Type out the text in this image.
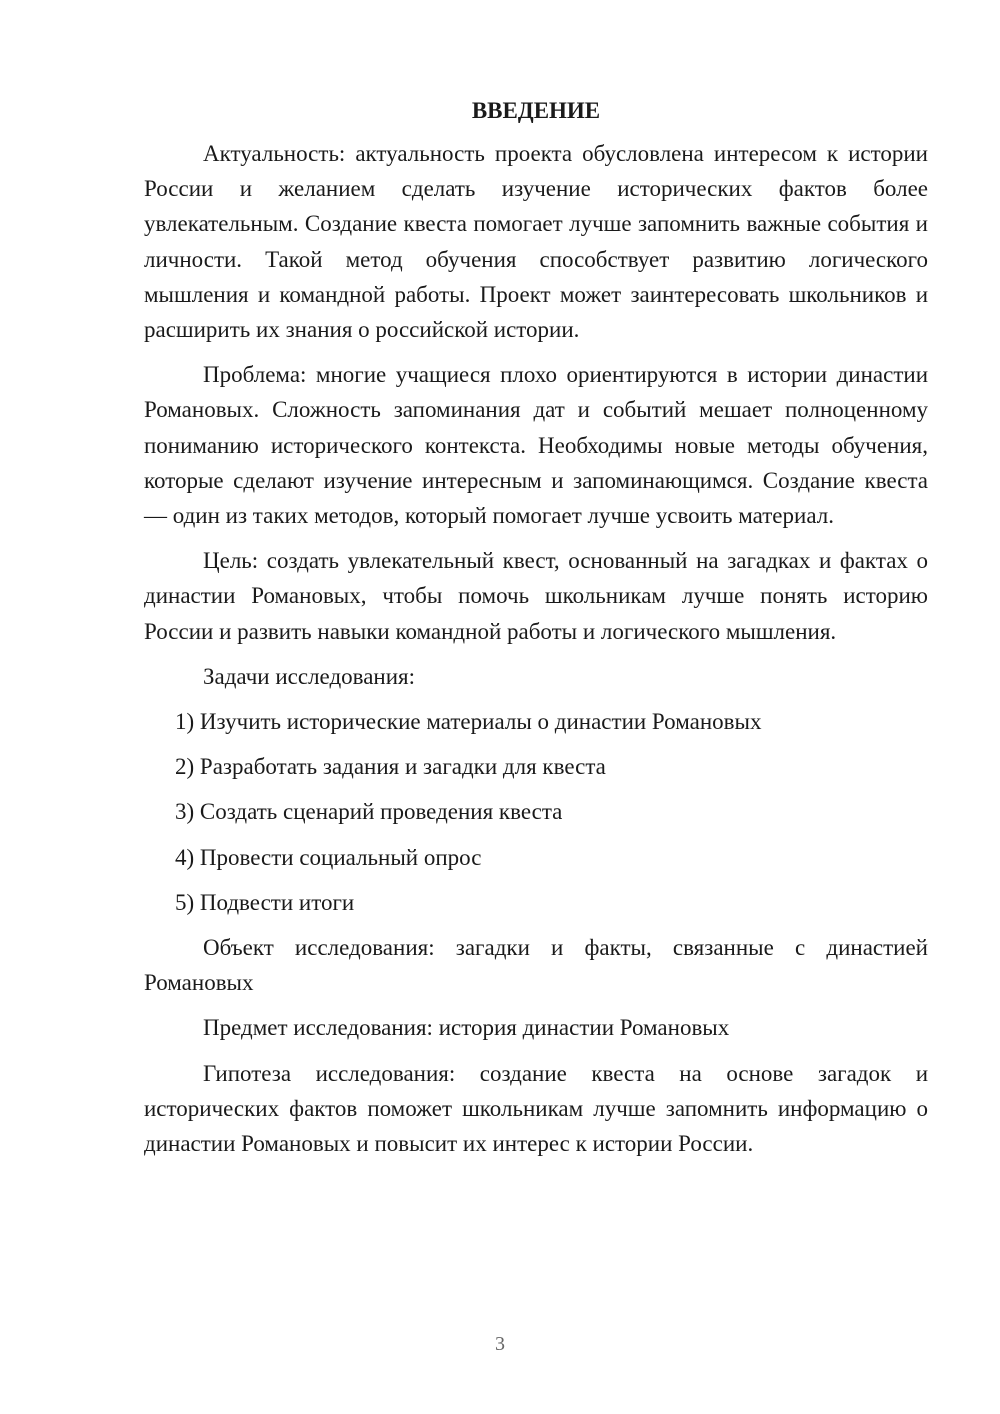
ВВЕДЕНИЕ

Актуальность: актуальность проекта обусловлена интересом к истории России и желанием сделать изучение исторических фактов более увлекательным. Создание квеста помогает лучше запомнить важные события и личности. Такой метод обучения способствует развитию логического мышления и командной работы. Проект может заинтересовать школьников и расширить их знания о российской истории.

Проблема: многие учащиеся плохо ориентируются в истории династии Романовых. Сложность запоминания дат и событий мешает полноценному пониманию исторического контекста. Необходимы новые методы обучения, которые сделают изучение интересным и запоминающимся. Создание квеста — один из таких методов, который помогает лучше усвоить материал.

Цель: создать увлекательный квест, основанный на загадках и фактах о династии Романовых, чтобы помочь школьникам лучше понять историю России и развить навыки командной работы и логического мышления.

Задачи исследования:

1) Изучить исторические материалы о династии Романовых
2) Разработать задания и загадки для квеста
3) Создать сценарий проведения квеста
4) Провести социальный опрос
5) Подвести итоги

Объект исследования: загадки и факты, связанные с династией Романовых

Предмет исследования: история династии Романовых

Гипотеза исследования: создание квеста на основе загадок и исторических фактов поможет школьникам лучше запомнить информацию о династии Романовых и повысит их интерес к истории России.

3
